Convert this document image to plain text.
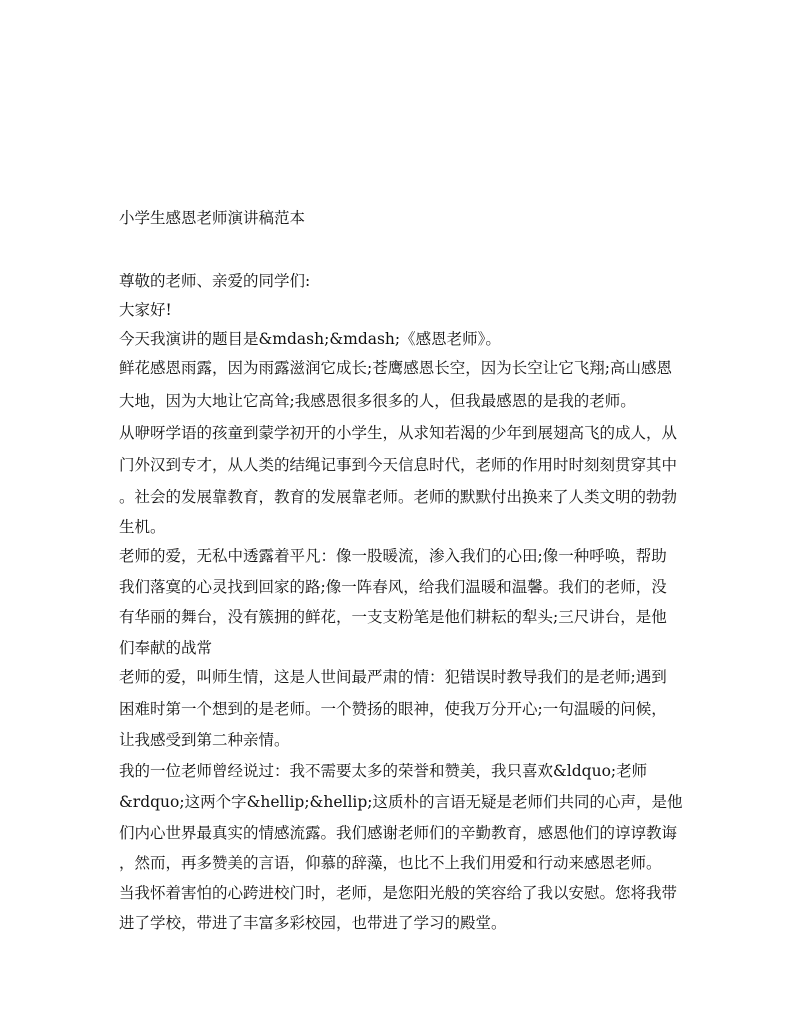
小学生感恩老师演讲稿范本

尊敬的老师、亲爱的同学们:

大家好!

今天我演讲的题目是&mdash;&mdash;《感恩老师》。

鲜花感恩雨露，因为雨露滋润它成长;苍鹰感恩长空，因为长空让它飞翔;高山感恩

大地，因为大地让它高耸;我感恩很多很多的人，但我最感恩的是我的老师。

从咿呀学语的孩童到蒙学初开的小学生，从求知若渴的少年到展翅高飞的成人，从

门外汉到专才，从人类的结绳记事到今天信息时代，老师的作用时时刻刻贯穿其中

。社会的发展靠教育，教育的发展靠老师。老师的默默付出换来了人类文明的勃勃

生机。

老师的爱，无私中透露着平凡：像一股暖流，渗入我们的心田;像一种呼唤，帮助

我们落寞的心灵找到回家的路;像一阵春风，给我们温暖和温馨。我们的老师，没

有华丽的舞台，没有簇拥的鲜花，一支支粉笔是他们耕耘的犁头;三尺讲台，是他

们奉献的战常

老师的爱，叫师生情，这是人世间最严肃的情：犯错误时教导我们的是老师;遇到

困难时第一个想到的是老师。一个赞扬的眼神，使我万分开心;一句温暖的问候，

让我感受到第二种亲情。

我的一位老师曾经说过：我不需要太多的荣誉和赞美，我只喜欢&ldquo;老师

&rdquo;这两个字&hellip;&hellip;这质朴的言语无疑是老师们共同的心声，是他

们内心世界最真实的情感流露。我们感谢老师们的辛勤教育，感恩他们的谆谆教诲

，然而，再多赞美的言语，仰慕的辞藻，也比不上我们用爱和行动来感恩老师。

当我怀着害怕的心跨进校门时，老师，是您阳光般的笑容给了我以安慰。您将我带

进了学校，带进了丰富多彩校园，也带进了学习的殿堂。
